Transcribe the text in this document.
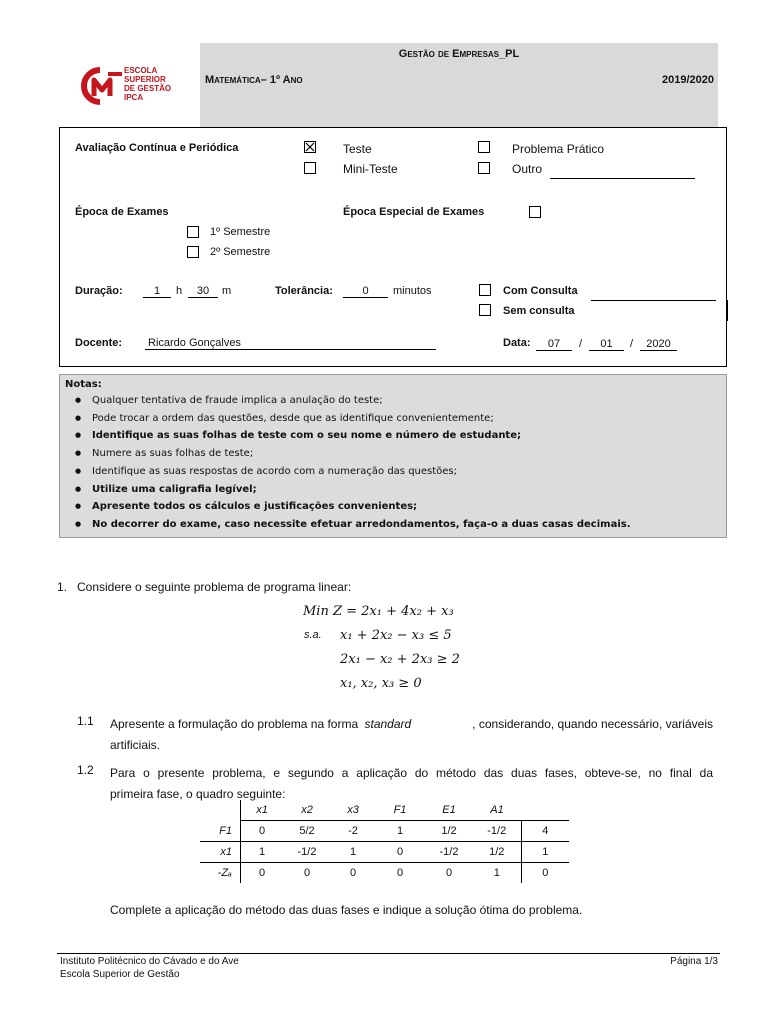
ESCOLA
SUPERIOR
DE GESTÃO
IPCA
Gestão de Empresas_PL
Matemática– 1º Ano	2019/2020
Avaliação Contínua e Periódica	Teste
Mini-Teste
Problema Prático
Outro
Época de Exames
1º Semestre
2º Semestre
Época Especial de Exames
Duração:	1	h	30	m	Tolerância:	0	minutos	Com Consulta
Sem consulta
Docente: Ricardo Gonçalves	Data:	07	/	01	/	2020
Notas:
● Qualquer tentativa de fraude implica a anulação do teste;
● Pode trocar a ordem das questões, desde que as identifique convenientemente;
● Identifique as suas folhas de teste com o seu nome e número de estudante;
● Numere as suas folhas de teste;
● Identifique as suas respostas de acordo com a numeração das questões;
● Utilize uma caligrafia legível;
● Apresente todos os cálculos e justificações convenientes;
● No decorrer do exame, caso necessite efetuar arredondamentos, faça-o a duas casas decimais.
1. Considere o seguinte problema de programa linear:
Min Z = 2x₁ + 4x₂ + x₃
s.a. x₁ + 2x₂ − x₃ ≤ 5
2x₁ − x₂ + 2x₃ ≥ 2
x₁, x₂, x₃ ≥ 0
1.1 Apresente a formulação do problema na forma standard	, considerando, quando necessário, variáveis
artificiais.
1.2 Para o presente problema, e segundo a aplicação do método das duas fases, obteve-se, no final da
primeira fase, o quadro seguinte:
	x1	x2	x3	F1	E1	A1	
F1	0	5/2	-2	1	1/2	-1/2	4
x1	1	-1/2	1	0	-1/2	1/2	1
-Zₐ	0	0	0	0	0	1	0
Complete a aplicação do método das duas fases e indique a solução ótima do problema.
Instituto Politécnico do Cávado e do Ave
Escola Superior de Gestão
Página 1/3
